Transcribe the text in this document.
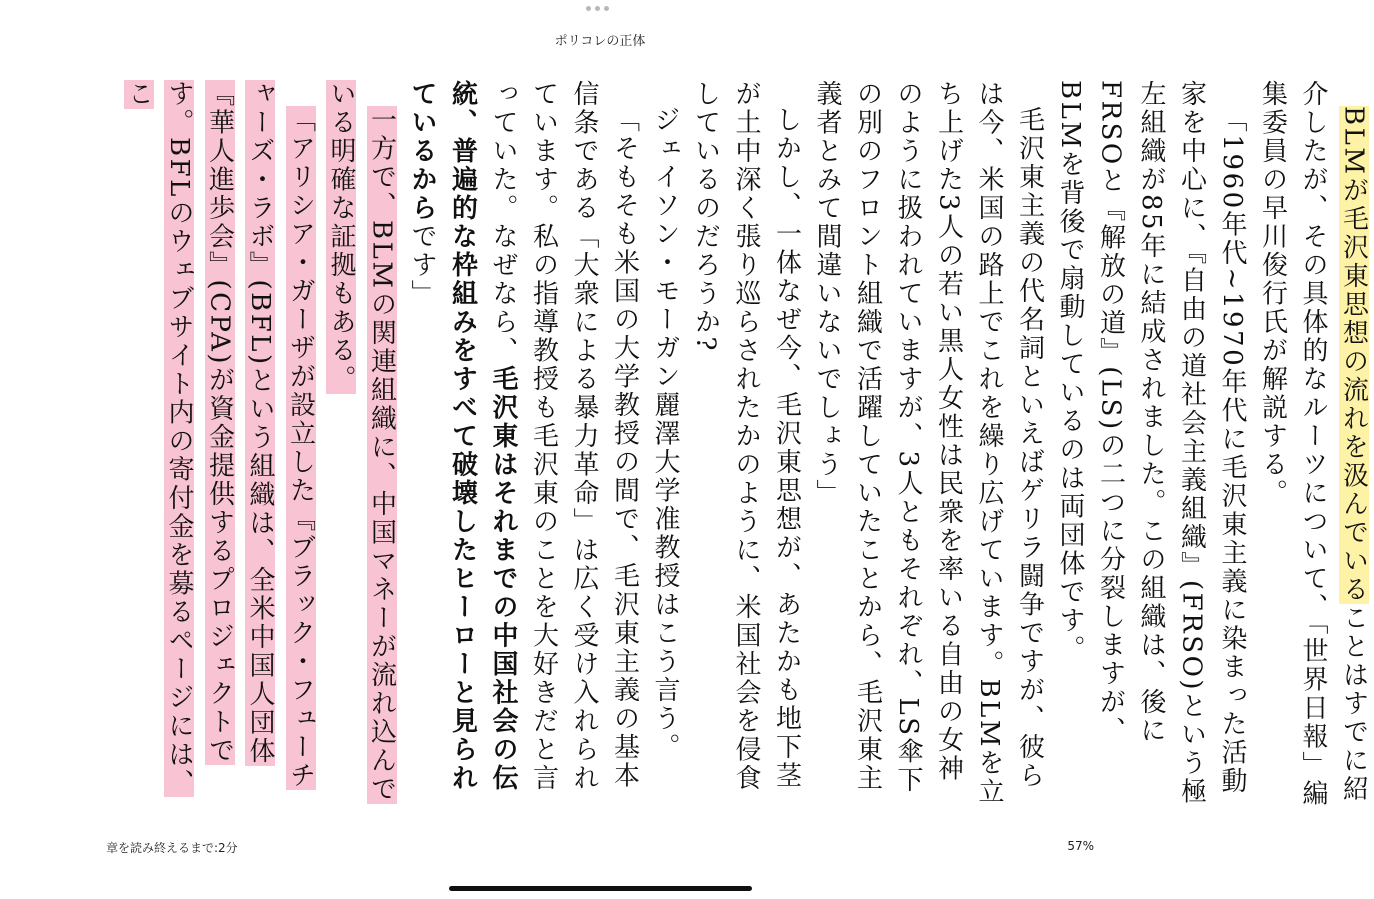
ポリコレの正体

BLMが毛沢東思想の流れを汲んでいることはすでに紹介したが、その具体的なルーツについて、「世界日報」編集委員の早川俊行氏が解説する。

「1960年代~1970年代に毛沢東主義に染まった活動家を中心に、『自由の道社会主義組織』(FRSO)という極左組織が85年に結成されました。この組織は、後にFRSOと『解放の道』(LS)の二つに分裂しますが、BLMを背後で扇動しているのは両団体です。

毛沢東主義の代名詞といえばゲリラ闘争ですが、彼らは今、米国の路上でこれを繰り広げています。BLMを立ち上げた3人の若い黒人女性は民衆を率いる自由の女神のように扱われていますが、3人ともそれぞれ、LS傘下の別のフロント組織で活躍していたことから、毛沢東主義者とみて間違いないでしょう」

しかし、一体なぜ今、毛沢東思想が、あたかも地下茎が土中深く張り巡らされたかのように、米国社会を侵食しているのだろうか?

ジェイソン・モーガン麗澤大学准教授はこう言う。

「そもそも米国の大学教授の間で、毛沢東主義の基本信条である「大衆による暴力革命」は広く受け入れられています。私の指導教授も毛沢東のことを大好きだと言っていた。なぜなら、毛沢東はそれまでの中国社会の伝統、普遍的な枠組みをすべて破壊したヒーローと見られているからです」

一方で、BLMの関連組織に、中国マネーが流れ込んでいる明確な証拠もある。

「アリシア・ガーザが設立した『ブラック・フューチャーズ・ラボ』(BFL)という組織は、全米中国人団体『華人進歩会』(CPA)が資金提供するプロジェクトです。BFLのウェブサイト内の寄付金を募るページには、こ

章を読み終えるまで:2分	57%
